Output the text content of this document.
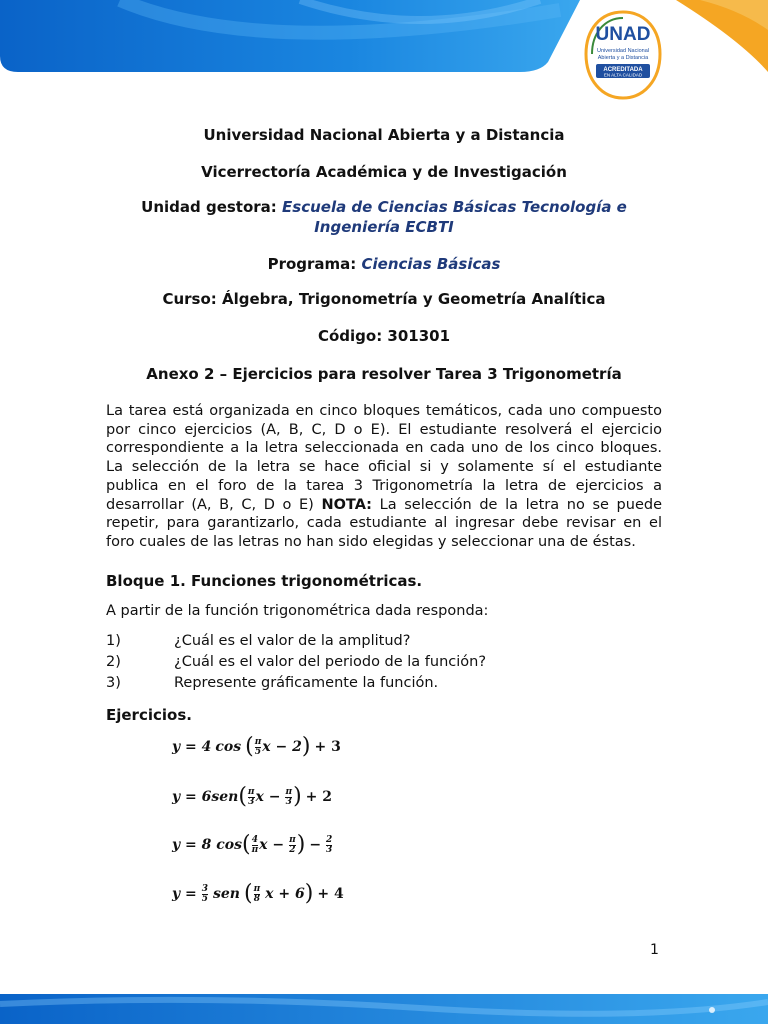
UNAD
Universidad Nacional
Abierta y a Distancia
ACREDITADA
EN ALTA CALIDAD
Universidad Nacional Abierta y a Distancia
Vicerrectoría Académica y de Investigación
Unidad gestora: Escuela de Ciencias Básicas Tecnología e
Ingeniería ECBTI
Programa: Ciencias Básicas
Curso: Álgebra, Trigonometría y Geometría Analítica
Código: 301301
Anexo 2 – Ejercicios para resolver Tarea 3 Trigonometría
La tarea está organizada en cinco bloques temáticos, cada uno compuesto por cinco ejercicios (A, B, C, D o E). El estudiante resolverá el ejercicio correspondiente a la letra seleccionada en cada uno de los cinco bloques. La selección de la letra se hace oficial si y solamente sí el estudiante publica en el foro de la tarea 3 Trigonometría la letra de ejercicios a desarrollar (A, B, C, D o E) NOTA: La selección de la letra no se puede repetir, para garantizarlo, cada estudiante al ingresar debe revisar en el foro cuales de las letras no han sido elegidas y seleccionar una de éstas.
Bloque 1. Funciones trigonométricas.
A partir de la función trigonométrica dada responda:
1)	¿Cuál es el valor de la amplitud?
2)	¿Cuál es el valor del periodo de la función?
3)	Represente gráficamente la función.
Ejercicios.
y = 4 cos ( $\frac{\pi}{5}$ x − 2 ) + 3
y = 6sen ( $\frac{\pi}{3}$ $x - \frac{\pi}{3}$ ) + 2
y = 8 cos ( $\frac{4}{\pi}$ $x - \frac{\pi}{2}$ ) − $\frac{2}{3}$
$y = \frac{3}{5}$ sen ( $\frac{\pi}{8}$ x + 6 ) + 4
1
